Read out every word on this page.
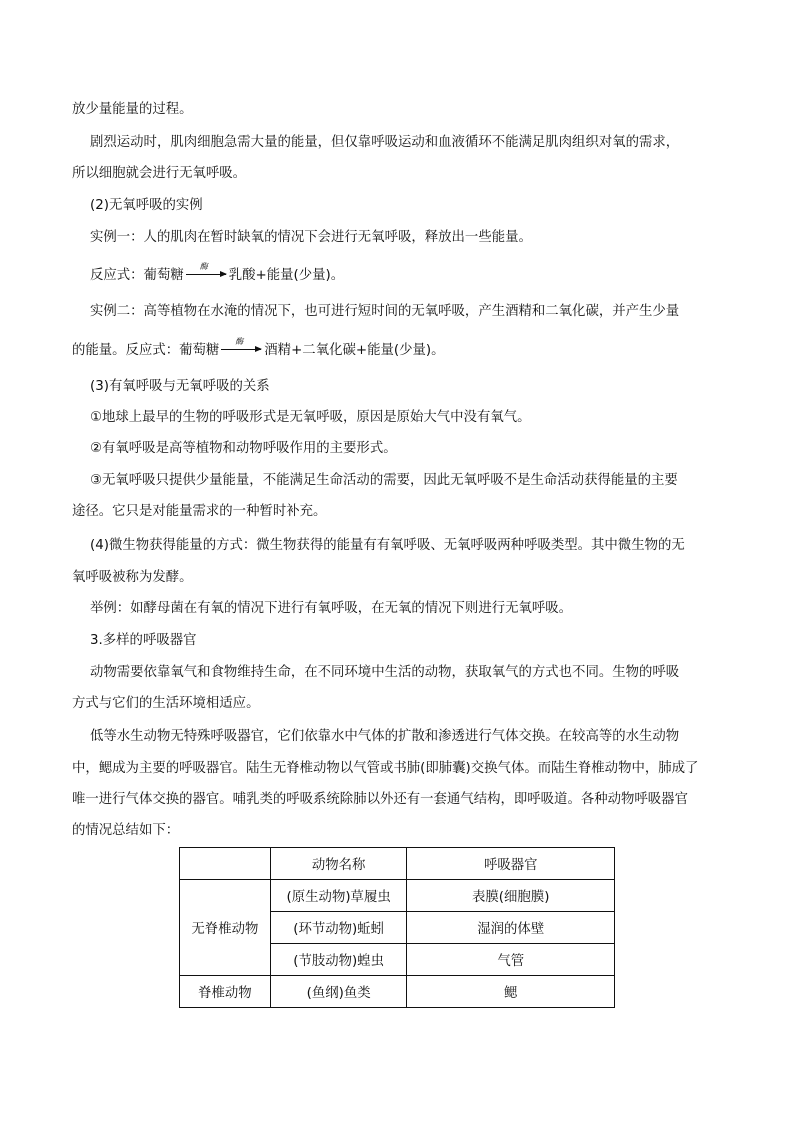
放少量能量的过程。
剧烈运动时，肌肉细胞急需大量的能量，但仅靠呼吸运动和血液循环不能满足肌肉组织对氧的需求，
所以细胞就会进行无氧呼吸。
(2)无氧呼吸的实例
实例一：人的肌肉在暂时缺氧的情况下会进行无氧呼吸，释放出一些能量。
反应式：葡萄糖
酶
乳酸+能量(少量)。
实例二：高等植物在水淹的情况下，也可进行短时间的无氧呼吸，产生酒精和二氧化碳，并产生少量
的能量。反应式：葡萄糖
酶
酒精+二氧化碳+能量(少量)。
(3)有氧呼吸与无氧呼吸的关系
①地球上最早的生物的呼吸形式是无氧呼吸，原因是原始大气中没有氧气。
②有氧呼吸是高等植物和动物呼吸作用的主要形式。
③无氧呼吸只提供少量能量，不能满足生命活动的需要，因此无氧呼吸不是生命活动获得能量的主要
途径。它只是对能量需求的一种暂时补充。
(4)微生物获得能量的方式：微生物获得的能量有有氧呼吸、无氧呼吸两种呼吸类型。其中微生物的无
氧呼吸被称为发酵。
举例：如酵母菌在有氧的情况下进行有氧呼吸，在无氧的情况下则进行无氧呼吸。
3.多样的呼吸器官
动物需要依靠氧气和食物维持生命，在不同环境中生活的动物，获取氧气的方式也不同。生物的呼吸
方式与它们的生活环境相适应。
低等水生动物无特殊呼吸器官，它们依靠水中气体的扩散和渗透进行气体交换。在较高等的水生动物
中，鳃成为主要的呼吸器官。陆生无脊椎动物以气管或书肺(即肺囊)交换气体。而陆生脊椎动物中，肺成了
唯一进行气体交换的器官。哺乳类的呼吸系统除肺以外还有一套通气结构，即呼吸道。各种动物呼吸器官
的情况总结如下：
	动物名称	呼吸器官
无脊椎动物	(原生动物)草履虫	表膜(细胞膜)
	(环节动物)蚯蚓	湿润的体壁
	(节肢动物)蝗虫	气管
脊椎动物	(鱼纲)鱼类	鳃
